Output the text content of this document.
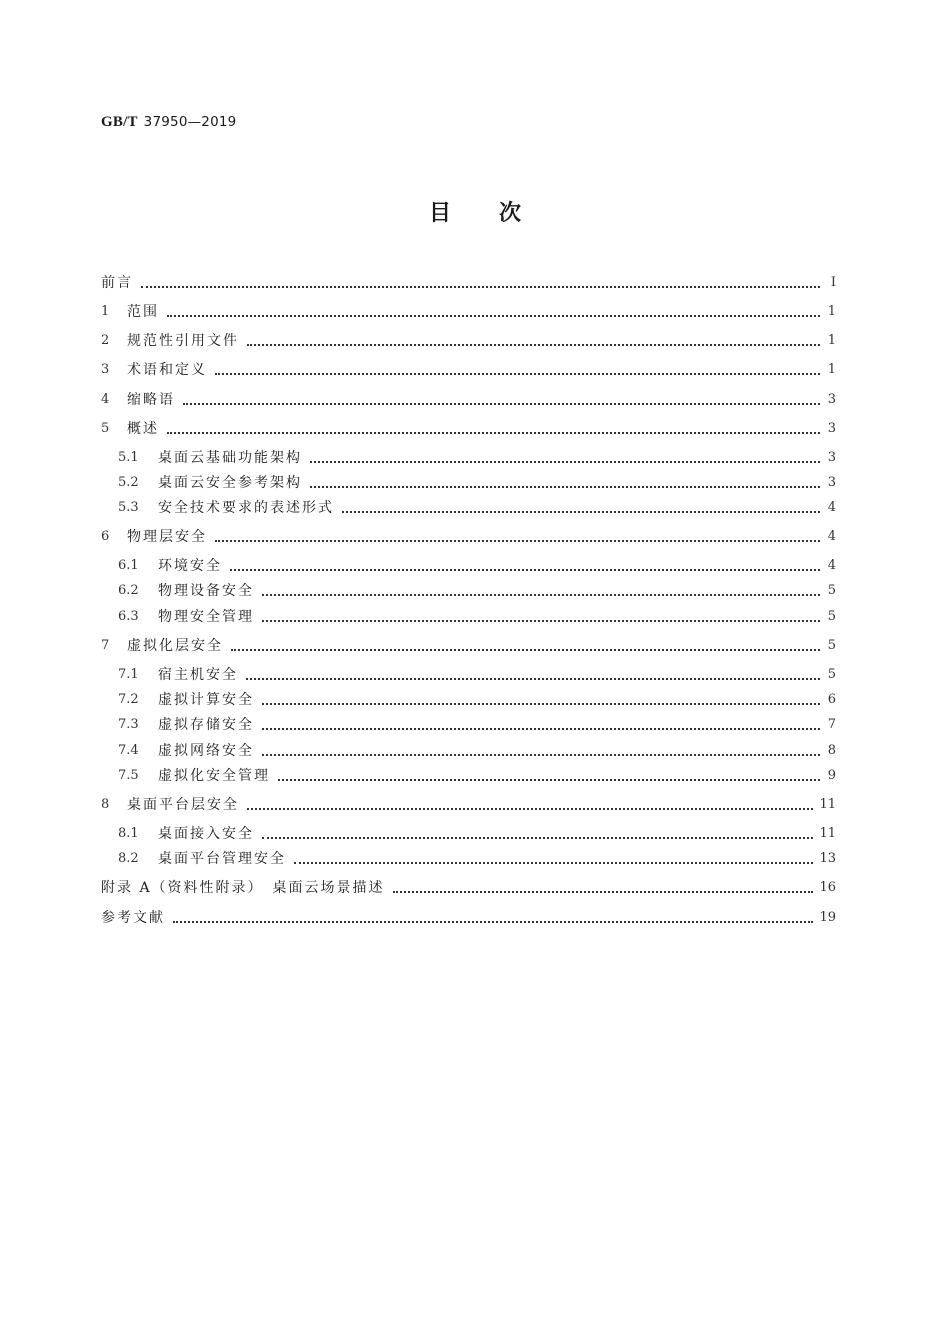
GB/T 37950—2019
目次
前言	I
1	范围	1
2	规范性引用文件	1
3	术语和定义	1
4	缩略语	3
5	概述	3
5.1	桌面云基础功能架构	3
5.2	桌面云安全参考架构	3
5.3	安全技术要求的表述形式	4
6	物理层安全	4
6.1	环境安全	4
6.2	物理设备安全	5
6.3	物理安全管理	5
7	虚拟化层安全	5
7.1	宿主机安全	5
7.2	虚拟计算安全	6
7.3	虚拟存储安全	7
7.4	虚拟网络安全	8
7.5	虚拟化安全管理	9
8	桌面平台层安全	11
8.1	桌面接入安全	11
8.2	桌面平台管理安全	13
附录 A（资料性附录）　桌面云场景描述	16
参考文献	19
